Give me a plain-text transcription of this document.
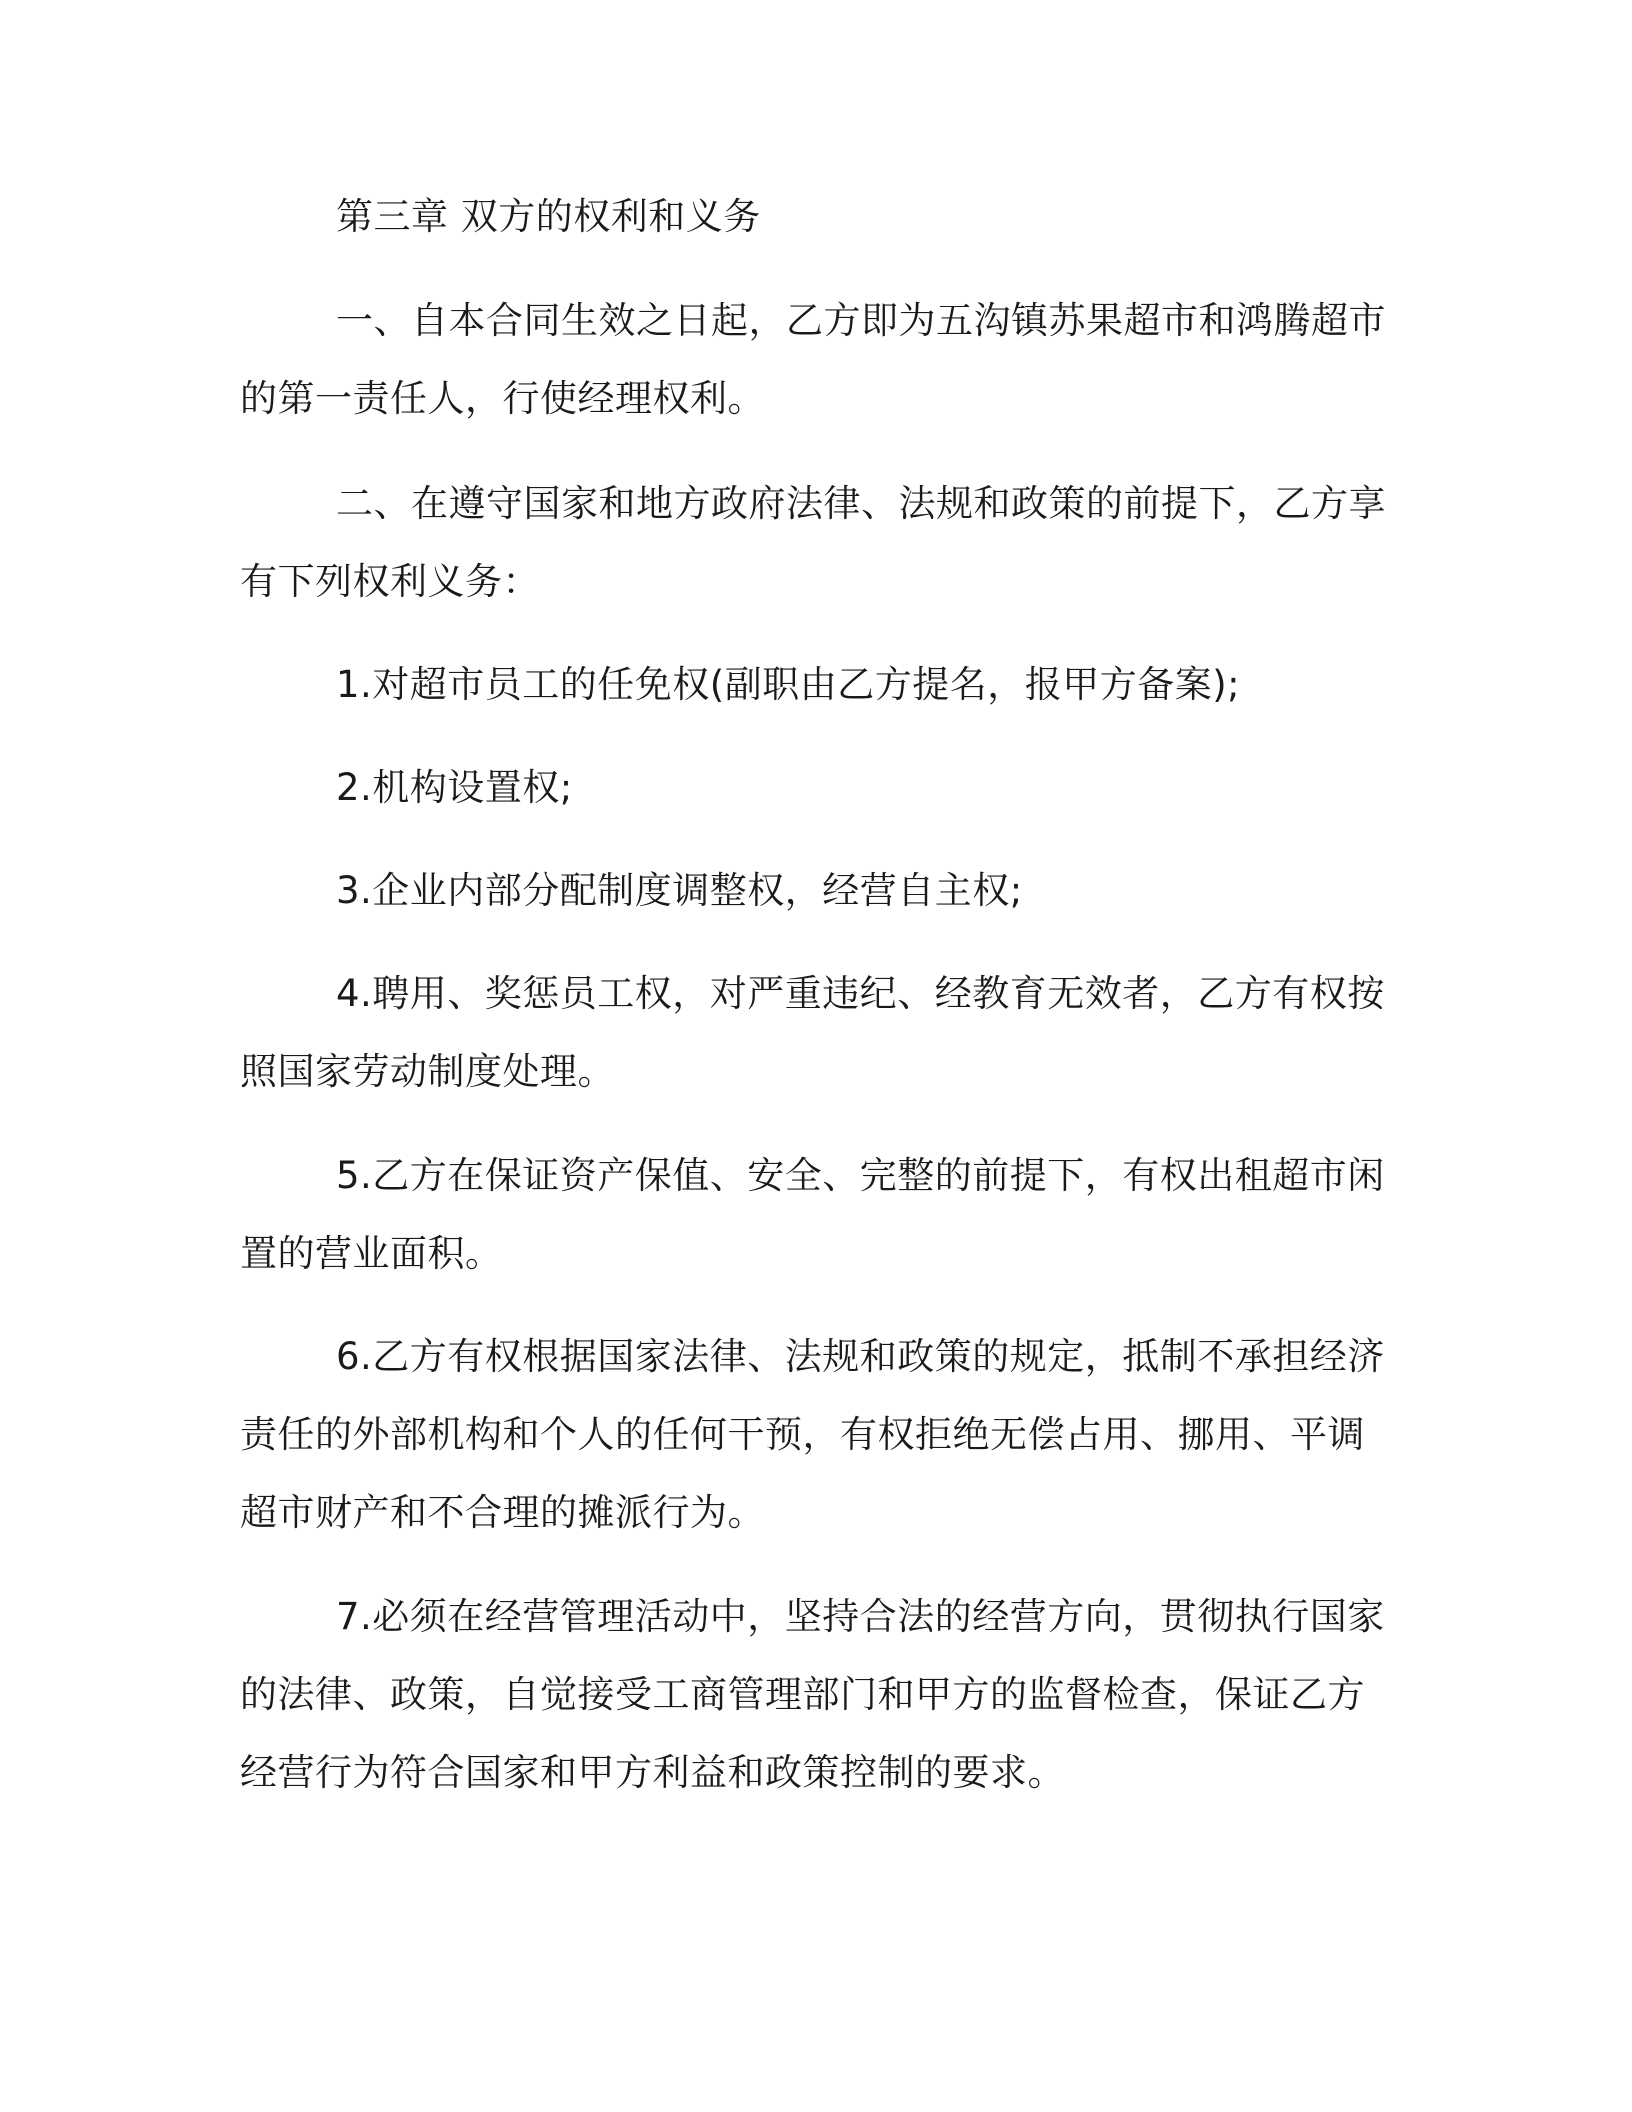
第三章 双方的权利和义务

一、自本合同生效之日起，乙方即为五沟镇苏果超市和鸿腾超市
的第一责任人，行使经理权利。

二、在遵守国家和地方政府法律、法规和政策的前提下，乙方享
有下列权利义务：

1.对超市员工的任免权(副职由乙方提名，报甲方备案);

2.机构设置权;

3.企业内部分配制度调整权，经营自主权;

4.聘用、奖惩员工权，对严重违纪、经教育无效者，乙方有权按
照国家劳动制度处理。

5.乙方在保证资产保值、安全、完整的前提下，有权出租超市闲
置的营业面积。

6.乙方有权根据国家法律、法规和政策的规定，抵制不承担经济
责任的外部机构和个人的任何干预，有权拒绝无偿占用、挪用、平调
超市财产和不合理的摊派行为。

7.必须在经营管理活动中，坚持合法的经营方向，贯彻执行国家
的法律、政策，自觉接受工商管理部门和甲方的监督检查，保证乙方
经营行为符合国家和甲方利益和政策控制的要求。
